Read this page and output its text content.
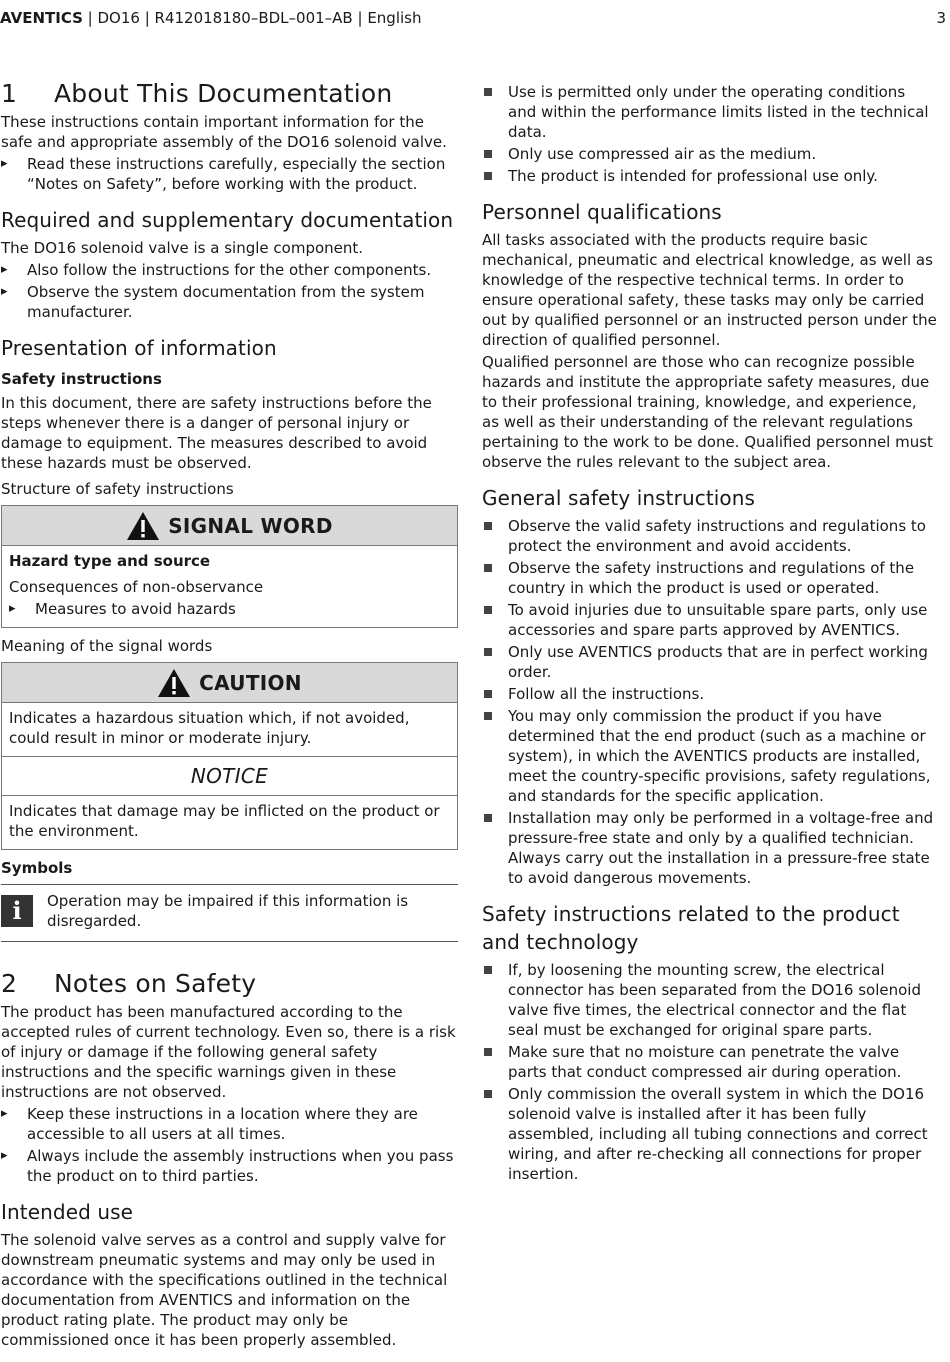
AVENTICS | DO16 | R412018180–BDL–001–AB | English	3
1 About This Documentation

These instructions contain important information for the safe and appropriate assembly of the DO16 solenoid valve.

▸ Read these instructions carefully, especially the section “Notes on Safety”, before working with the product.
Required and supplementary documentation

The DO16 solenoid valve is a single component.

▸ Also follow the instructions for the other components.
▸ Observe the system documentation from the system manufacturer.
Presentation of information
Safety instructions

In this document, there are safety instructions before the steps whenever there is a danger of personal injury or damage to equipment. The measures described to avoid these hazards must be observed.

Structure of safety instructions

SIGNAL WORD
Hazard type and source

Consequences of non-observance

▸ Measures to avoid hazards

Meaning of the signal words

CAUTION

Indicates a hazardous situation which, if not avoided, could result in minor or moderate injury.

NOTICE

Indicates that damage may be inflicted on the product or the environment.

Symbols
i	Operation may be impaired if this information is disregarded.

2 Notes on Safety

The product has been manufactured according to the accepted rules of current technology. Even so, there is a risk of injury or damage if the following general safety instructions and the specific warnings given in these instructions are not observed.

▸ Keep these instructions in a location where they are accessible to all users at all times.
▸ Always include the assembly instructions when you pass the product on to third parties.
Intended use

The solenoid valve serves as a control and supply valve for downstream pneumatic systems and may only be used in accordance with the specifications outlined in the technical documentation from AVENTICS and information on the product rating plate. The product may only be commissioned once it has been properly assembled.

Use is permitted only under the operating conditions and within the performance limits listed in the technical data.
Only use compressed air as the medium.
The product is intended for professional use only.
Personnel qualifications

All tasks associated with the products require basic mechanical, pneumatic and electrical knowledge, as well as knowledge of the respective technical terms. In order to ensure operational safety, these tasks may only be carried out by qualified personnel or an instructed person under the direction of qualified personnel.

Qualified personnel are those who can recognize possible hazards and institute the appropriate safety measures, due to their professional training, knowledge, and experience, as well as their understanding of the relevant regulations pertaining to the work to be done. Qualified personnel must observe the rules relevant to the subject area.

General safety instructions
Observe the valid safety instructions and regulations to protect the environment and avoid accidents.
Observe the safety instructions and regulations of the country in which the product is used or operated.
To avoid injuries due to unsuitable spare parts, only use accessories and spare parts approved by AVENTICS.
Only use AVENTICS products that are in perfect working order.
Follow all the instructions.
You may only commission the product if you have determined that the end product (such as a machine or system), in which the AVENTICS products are installed, meet the country-specific provisions, safety regulations, and standards for the specific application.
Installation may only be performed in a voltage-free and pressure-free state and only by a qualified technician. Always carry out the installation in a pressure-free state to avoid dangerous movements.
Safety instructions related to the product and technology
If, by loosening the mounting screw, the electrical connector has been separated from the DO16 solenoid valve five times, the electrical connector and the flat seal must be exchanged for original spare parts.
Make sure that no moisture can penetrate the valve parts that conduct compressed air during operation.
Only commission the overall system in which the DO16 solenoid valve is installed after it has been fully assembled, including all tubing connections and correct wiring, and after re-checking all connections for proper insertion.
